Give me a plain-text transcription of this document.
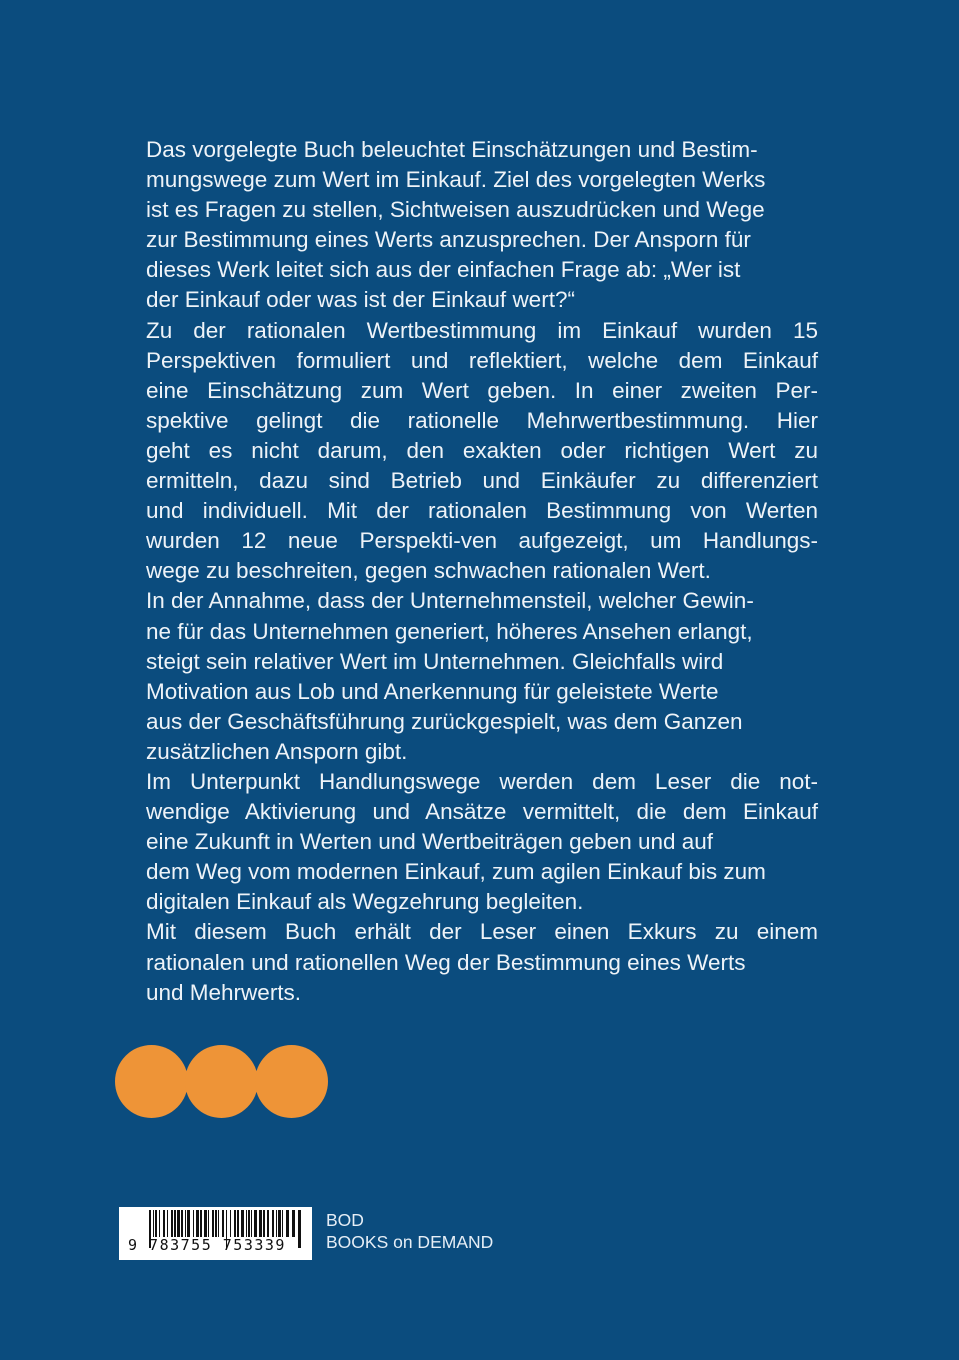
Das vorgelegte Buch beleuchtet Einschätzungen und Bestim-
mungswege zum Wert im Einkauf. Ziel des vorgelegten Werks
ist es Fragen zu stellen, Sichtweisen auszudrücken und Wege
zur Bestimmung eines Werts anzusprechen. Der Ansporn für
dieses Werk leitet sich aus der einfachen Frage ab: „Wer ist
der Einkauf oder was ist der Einkauf wert?“
Zu der rationalen Wertbestimmung im Einkauf wurden 15
Perspektiven formuliert und reflektiert, welche dem Einkauf
eine Einschätzung zum Wert geben. In einer zweiten Per-
spektive gelingt die rationelle Mehrwertbestimmung. Hier
geht es nicht darum, den exakten oder richtigen Wert zu
ermitteln, dazu sind Betrieb und Einkäufer zu differenziert
und individuell. Mit der rationalen Bestimmung von Werten
wurden 12 neue Perspekti-ven aufgezeigt, um Handlungs-
wege zu beschreiten, gegen schwachen rationalen Wert.
In der Annahme, dass der Unternehmensteil, welcher Gewin-
ne für das Unternehmen generiert, höheres Ansehen erlangt,
steigt sein relativer Wert im Unternehmen. Gleichfalls wird
Motivation aus Lob und Anerkennung für geleistete Werte
aus der Geschäftsführung zurückgespielt, was dem Ganzen
zusätzlichen Ansporn gibt.
Im Unterpunkt Handlungswege werden dem Leser die not-
wendige Aktivierung und Ansätze vermittelt, die dem Einkauf
eine Zukunft in Werten und Wertbeiträgen geben und auf
dem Weg vom modernen Einkauf, zum agilen Einkauf bis zum
digitalen Einkauf als Wegzehrung begleiten.
Mit diesem Buch erhält der Leser einen Exkurs zu einem
rationalen und rationellen Weg der Bestimmung eines Werts
und Mehrwerts.
9 783755 753339
BOD
BOOKS on DEMAND
